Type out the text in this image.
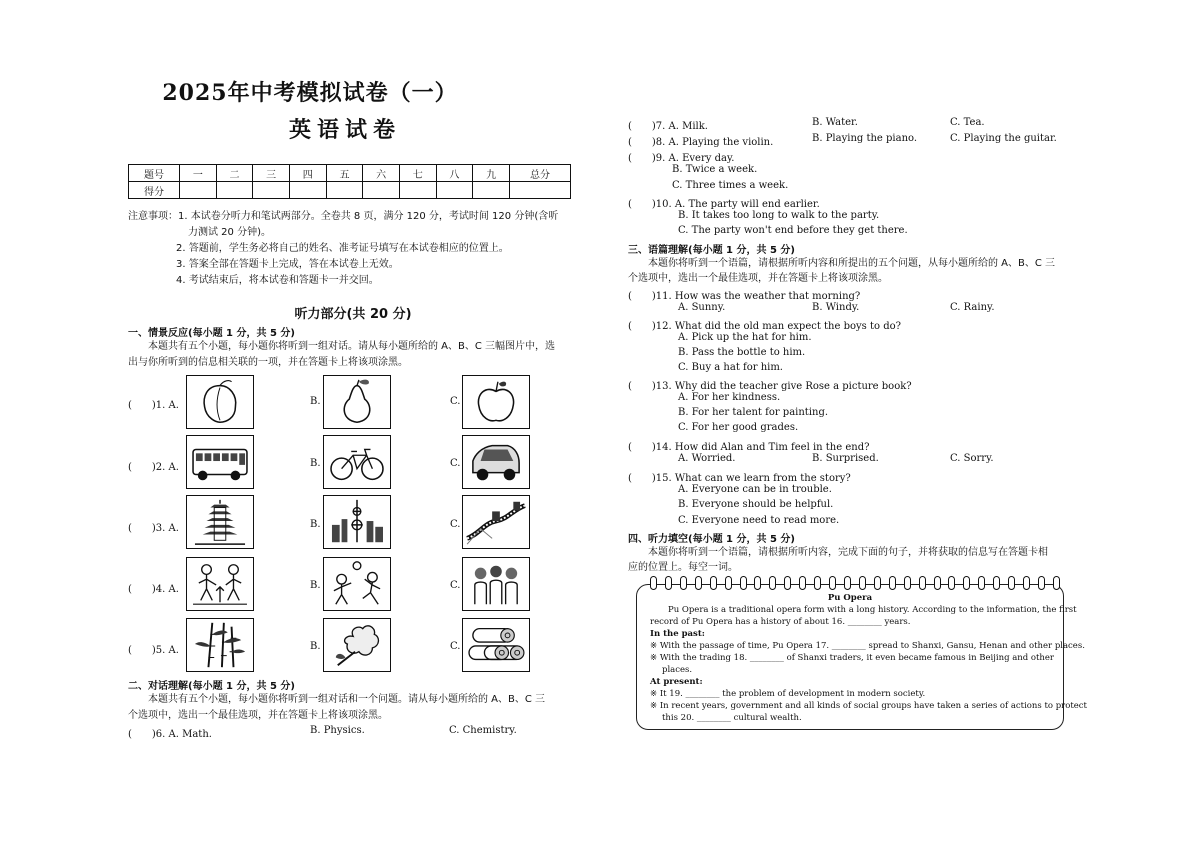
2025年中考模拟试卷（一）
英语试卷
题号	一	二	三	四	五	六	七	八	九	总分
得分										

注意事项：1. 本试卷分听力和笔试两部分。全卷共 8 页，满分 120 分，考试时间 120 分钟(含听

力测试 20 分钟)。

2. 答题前，学生务必将自己的姓名、准考证号填写在本试卷相应的位置上。

3. 答案全部在答题卡上完成，答在本试卷上无效。

4. 考试结束后，将本试卷和答题卡一并交回。

听力部分(共 20 分)
一、情景反应(每小题 1 分，共 5 分)
本题共有五个小题，每小题你将听到一组对话。请从每小题所给的 A、B、C 三幅图片中，选
出与你所听到的信息相关联的一项，并在答题卡上将该项涂黑。
(　　)1. A.	B.	C.
(　　)2. A.	B.	C.
(　　)3. A.	B.	C.
(　　)4. A.	B.	C.
(　　)5. A.	B.	C.
二、对话理解(每小题 1 分，共 5 分)
本题共有五个小题，每小题你将听到一组对话和一个问题。请从每小题所给的 A、B、C 三
个选项中，选出一个最佳选项，并在答题卡上将该项涂黑。
(　　)6. A. Math.	B. Physics.	C. Chemistry.
(　　)7. A. Milk.	B. Water.	C. Tea.
(　　)8. A. Playing the violin.	B. Playing the piano.	C. Playing the guitar.
(　　)9. A. Every day.
B. Twice a week.
C. Three times a week.
(　　)10. A. The party will end earlier.
B. It takes too long to walk to the party.
C. The party won't end before they get there.
三、语篇理解(每小题 1 分，共 5 分)
本题你将听到一个语篇，请根据所听内容和所提出的五个问题，从每小题所给的 A、B、C 三
个选项中，选出一个最佳选项，并在答题卡上将该项涂黑。
(　　)11. How was the weather that morning?
A. Sunny.	B. Windy.	C. Rainy.
(　　)12. What did the old man expect the boys to do?
A. Pick up the hat for him.
B. Pass the bottle to him.
C. Buy a hat for him.
(　　)13. Why did the teacher give Rose a picture book?
A. For her kindness.
B. For her talent for painting.
C. For her good grades.
(　　)14. How did Alan and Tim feel in the end?
A. Worried.	B. Surprised.	C. Sorry.
(　　)15. What can we learn from the story?
A. Everyone can be in trouble.
B. Everyone should be helpful.
C. Everyone need to read more.
四、听力填空(每小题 1 分，共 5 分)
本题你将听到一个语篇，请根据所听内容，完成下面的句子，并将获取的信息写在答题卡相
应的位置上。每空一词。
Pu Opera
Pu Opera is a traditional opera form with a long history. According to the information, the first
record of Pu Opera has a history of about 16. ________ years.
In the past:
※ With the passage of time, Pu Opera 17. ________ spread to Shanxi, Gansu, Henan and other places.
※ With the trading 18. ________ of Shanxi traders, it even became famous in Beijing and other
places.
At present:
※ It 19. ________ the problem of development in modern society.
※ In recent years, government and all kinds of social groups have taken a series of actions to protect
this 20. ________ cultural wealth.
